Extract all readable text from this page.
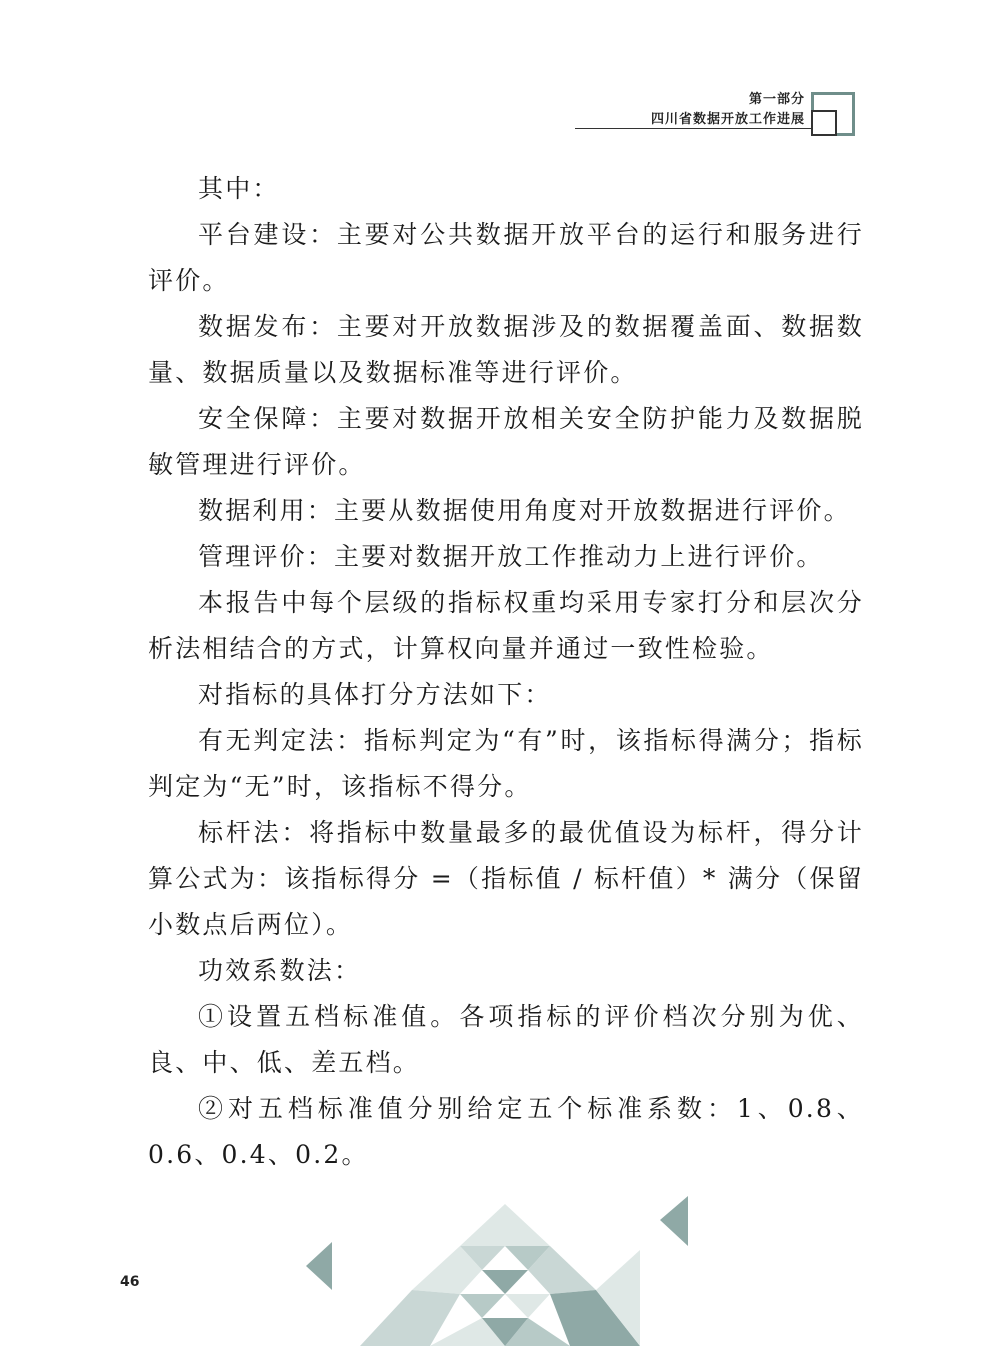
第一部分
四川省数据开放工作进展

其中：

平台建设：主要对公共数据开放平台的运行和服务进行评价。

数据发布：主要对开放数据涉及的数据覆盖面、数据数量、数据质量以及数据标准等进行评价。

安全保障：主要对数据开放相关安全防护能力及数据脱敏管理进行评价。

数据利用：主要从数据使用角度对开放数据进行评价。

管理评价：主要对数据开放工作推动力上进行评价。

本报告中每个层级的指标权重均采用专家打分和层次分析法相结合的方式，计算权向量并通过一致性检验。

对指标的具体打分方法如下：

有无判定法：指标判定为“有”时，该指标得满分；指标判定为“无”时，该指标不得分。

标杆法：将指标中数量最多的最优值设为标杆，得分计算公式为：该指标得分 =（指标值 / 标杆值）* 满分（保留小数点后两位）。

功效系数法：

①设置五档标准值。各项指标的评价档次分别为优、良、中、低、差五档。

②对五档标准值分别给定五个标准系数：1、0.8、0.6、0.4、0.2。

46
